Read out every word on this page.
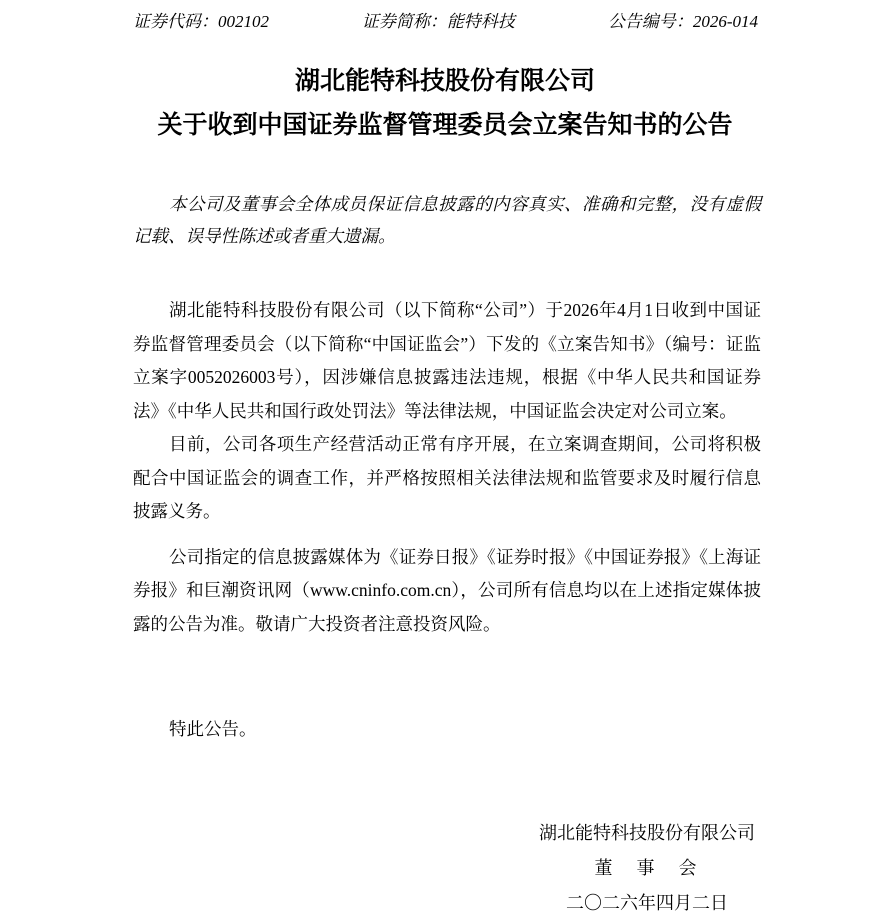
证券代码：002102	证券简称：能特科技	公告编号：2026-014
湖北能特科技股份有限公司
关于收到中国证券监督管理委员会立案告知书的公告

本公司及董事会全体成员保证信息披露的内容真实、准确和完整，没有虚假记载、误导性陈述或者重大遗漏。

湖北能特科技股份有限公司（以下简称“公司”）于2026年4月1日收到中国证券监督管理委员会（以下简称“中国证监会”）下发的《立案告知书》（编号：证监立案字0052026003号），因涉嫌信息披露违法违规，根据《中华人民共和国证券法》《中华人民共和国行政处罚法》等法律法规，中国证监会决定对公司立案。

目前，公司各项生产经营活动正常有序开展，在立案调查期间，公司将积极配合中国证监会的调查工作，并严格按照相关法律法规和监管要求及时履行信息披露义务。

公司指定的信息披露媒体为《证券日报》《证券时报》《中国证券报》《上海证券报》和巨潮资讯网（www.cninfo.com.cn），公司所有信息均以在上述指定媒体披露的公告为准。敬请广大投资者注意投资风险。

特此公告。

湖北能特科技股份有限公司
董　事　会
二〇二六年四月二日
